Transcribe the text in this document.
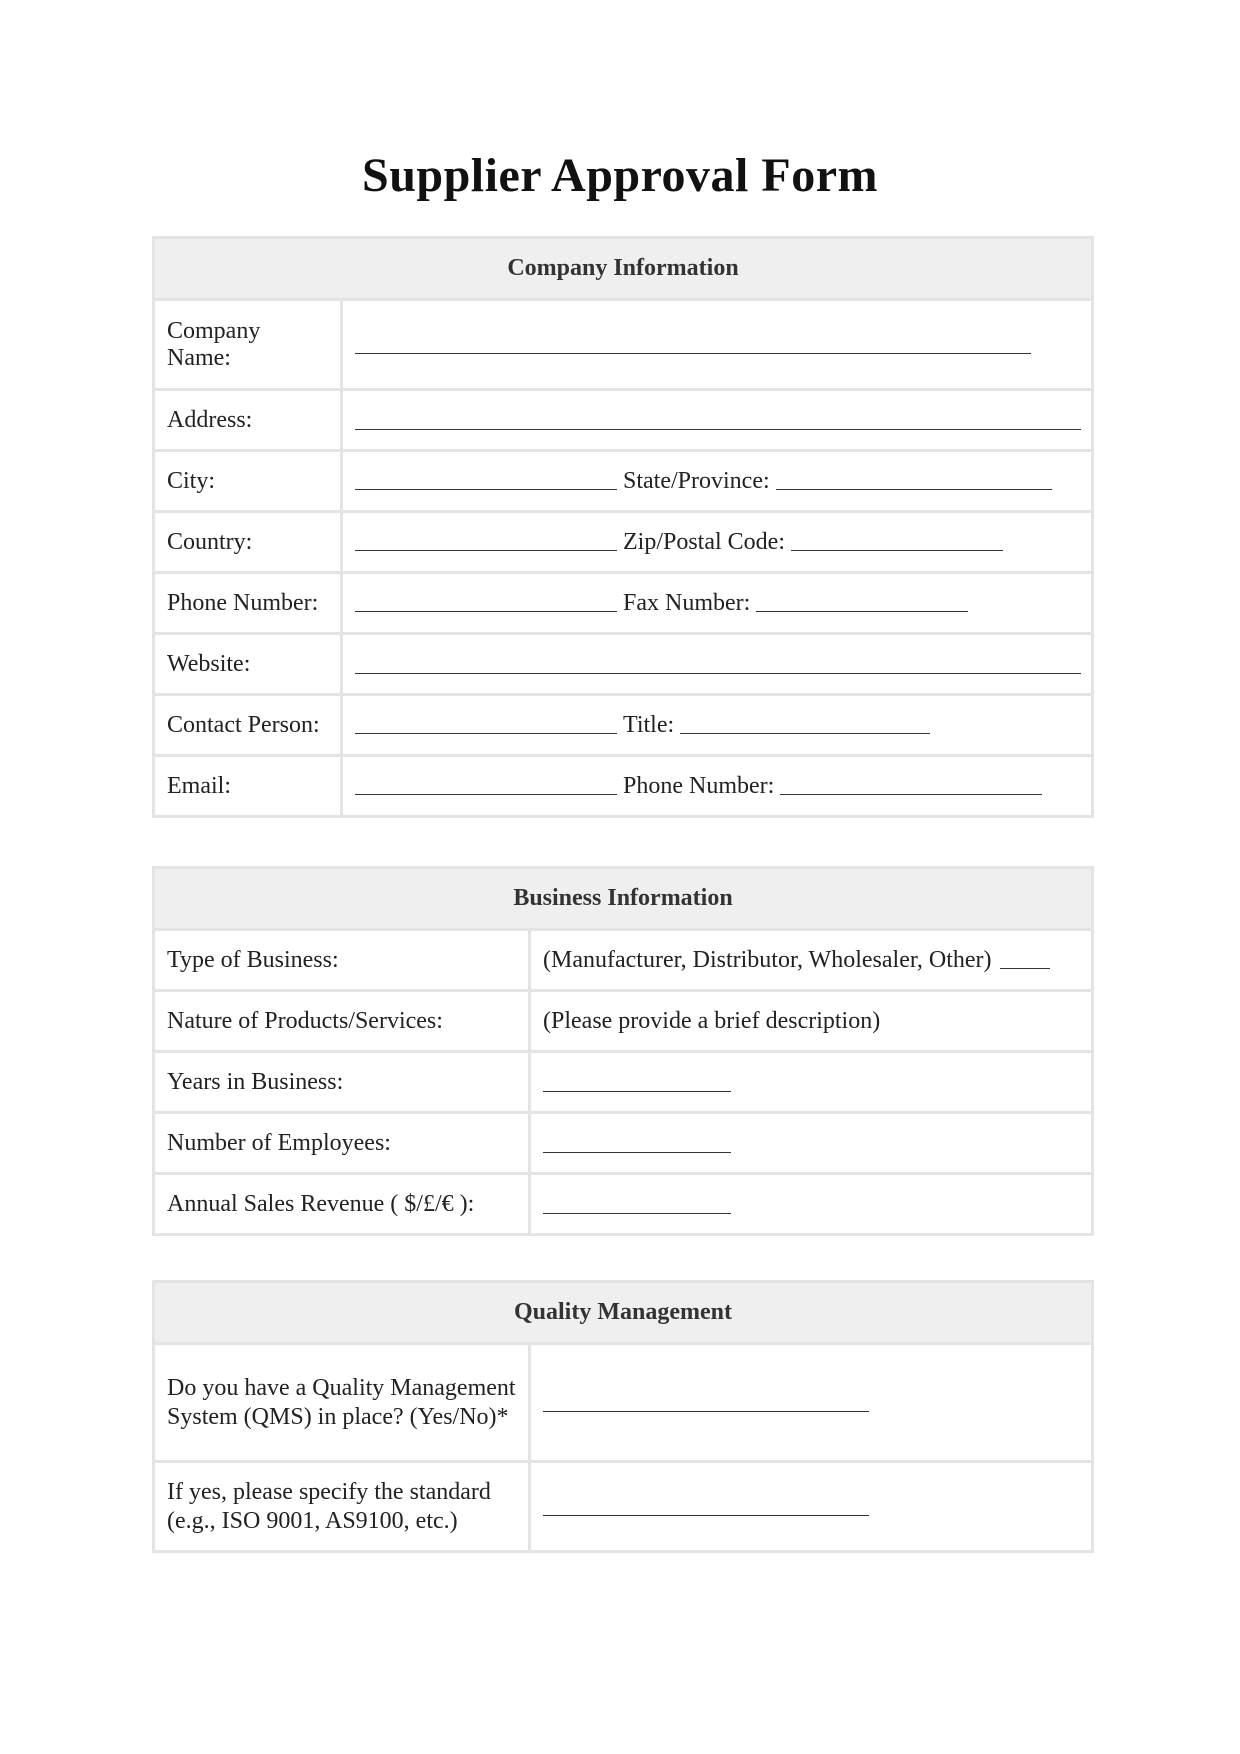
Supplier Approval Form
Company Information	
Company Name:	
Address:	
City:	State/Province:

Country:	Zip/Postal Code:

Phone Number:	Fax Number:

Website:	
Contact Person:	Title:

Email:	Phone Number:
Business Information	
Type of Business:	(Manufacturer, Distributor, Wholesaler, Other)

Nature of Products/Services:	(Please provide a brief description)
Years in Business:	
Number of Employees:	
Annual Sales Revenue ( $/£/€ ):	
Quality Management	
Do you have a Quality Management System (QMS) in place? (Yes/No)*	
If yes, please specify the standard (e.g., ISO 9001, AS9100, etc.)	
